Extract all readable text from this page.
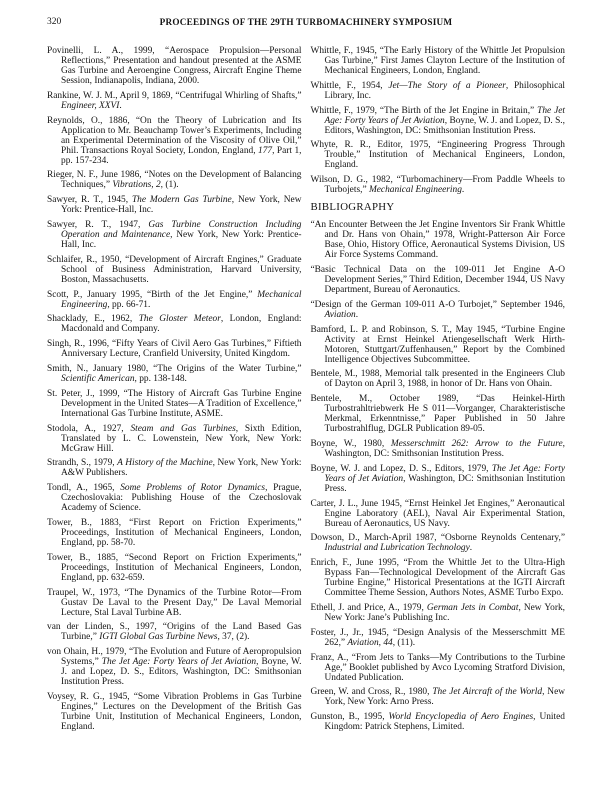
320	PROCEEDINGS OF THE 29TH TURBOMACHINERY SYMPOSIUM

Povinelli, L. A., 1999, “Aerospace Propulsion—Personal Reflections,” Presentation and handout presented at the ASME Gas Turbine and Aeroengine Congress, Aircraft Engine Theme Session, Indianapolis, Indiana, 2000.

Rankine, W. J. M., April 9, 1869, “Centrifugal Whirling of Shafts,” Engineer, XXVI.

Reynolds, O., 1886, “On the Theory of Lubrication and Its Application to Mr. Beauchamp Tower’s Experiments, Including an Experimental Determination of the Viscosity of Olive Oil,” Phil. Transactions Royal Society, London, England, 177, Part 1, pp. 157-234.

Rieger, N. F., June 1986, “Notes on the Development of Balancing Techniques,” Vibrations, 2, (1).

Sawyer, R. T., 1945, The Modern Gas Turbine, New York, New York: Prentice-Hall, Inc.

Sawyer, R. T., 1947, Gas Turbine Construction Including Operation and Maintenance, New York, New York: Prentice-Hall, Inc.

Schlaifer, R., 1950, “Development of Aircraft Engines,” Graduate School of Business Administration, Harvard University, Boston, Massachusetts.

Scott, P., January 1995, “Birth of the Jet Engine,” Mechanical Engineering, pp. 66-71.

Shacklady, E., 1962, The Gloster Meteor, London, England: Macdonald and Company.

Singh, R., 1996, “Fifty Years of Civil Aero Gas Turbines,” Fiftieth Anniversary Lecture, Cranfield University, United Kingdom.

Smith, N., January 1980, “The Origins of the Water Turbine,” Scientific American, pp. 138-148.

St. Peter, J., 1999, “The History of Aircraft Gas Turbine Engine Development in the United States—A Tradition of Excellence,” International Gas Turbine Institute, ASME.

Stodola, A., 1927, Steam and Gas Turbines, Sixth Edition, Translated by L. C. Lowenstein, New York, New York: McGraw Hill.

Strandh, S., 1979, A History of the Machine, New York, New York: A&W Publishers.

Tondl, A., 1965, Some Problems of Rotor Dynamics, Prague, Czechoslovakia: Publishing House of the Czechoslovak Academy of Science.

Tower, B., 1883, “First Report on Friction Experiments,” Proceedings, Institution of Mechanical Engineers, London, England, pp. 58-70.

Tower, B., 1885, “Second Report on Friction Experiments,” Proceedings, Institution of Mechanical Engineers, London, England, pp. 632-659.

Traupel, W., 1973, “The Dynamics of the Turbine Rotor—From Gustav De Laval to the Present Day,” De Laval Memorial Lecture, Stal Laval Turbine AB.

van der Linden, S., 1997, “Origins of the Land Based Gas Turbine,” IGTI Global Gas Turbine News, 37, (2).

von Ohain, H., 1979, “The Evolution and Future of Aeropropulsion Systems,” The Jet Age: Forty Years of Jet Aviation, Boyne, W. J. and Lopez, D. S., Editors, Washington, DC: Smithsonian Institution Press.

Voysey, R. G., 1945, “Some Vibration Problems in Gas Turbine Engines,” Lectures on the Development of the British Gas Turbine Unit, Institution of Mechanical Engineers, London, England.

Whittle, F., 1945, “The Early History of the Whittle Jet Propulsion Gas Turbine,” First James Clayton Lecture of the Institution of Mechanical Engineers, London, England.

Whittle, F., 1954, Jet—The Story of a Pioneer, Philosophical Library, Inc.

Whittle, F., 1979, “The Birth of the Jet Engine in Britain,” The Jet Age: Forty Years of Jet Aviation, Boyne, W. J. and Lopez, D. S., Editors, Washington, DC: Smithsonian Institution Press.

Whyte, R. R., Editor, 1975, “Engineering Progress Through Trouble,” Institution of Mechanical Engineers, London, England.

Wilson, D. G., 1982, “Turbomachinery—From Paddle Wheels to Turbojets,” Mechanical Engineering.

BIBLIOGRAPHY

“An Encounter Between the Jet Engine Inventors Sir Frank Whittle and Dr. Hans von Ohain,” 1978, Wright-Patterson Air Force Base, Ohio, History Office, Aeronautical Systems Division, US Air Force Systems Command.

“Basic Technical Data on the 109-011 Jet Engine A-O Development Series,” Third Edition, December 1944, US Navy Department, Bureau of Aeronautics.

“Design of the German 109-011 A-O Turbojet,” September 1946, Aviation.

Bamford, L. P. and Robinson, S. T., May 1945, “Turbine Engine Activity at Ernst Heinkel Atiengesellschaft Werk Hirth-Motoren, Stuttgart/Zuffenhausen,” Report by the Combined Intelligence Objectives Subcommittee.

Bentele, M., 1988, Memorial talk presented in the Engineers Club of Dayton on April 3, 1988, in honor of Dr. Hans von Ohain.

Bentele, M., October 1989, “Das Heinkel-Hirth Turbostrahltriebwerk He S 011—Vorganger, Charakteristische Merkmal, Erkenntnisse,” Paper Published in 50 Jahre Turbostrahlflug, DGLR Publication 89-05.

Boyne, W., 1980, Messerschmitt 262: Arrow to the Future, Washington, DC: Smithsonian Institution Press.

Boyne, W. J. and Lopez, D. S., Editors, 1979, The Jet Age: Forty Years of Jet Aviation, Washington, DC: Smithsonian Institution Press.

Carter, J. L., June 1945, “Ernst Heinkel Jet Engines,” Aeronautical Engine Laboratory (AEL), Naval Air Experimental Station, Bureau of Aeronautics, US Navy.

Dowson, D., March-April 1987, “Osborne Reynolds Centenary,” Industrial and Lubrication Technology.

Enrich, F., June 1995, “From the Whittle Jet to the Ultra-High Bypass Fan—Technological Development of the Aircraft Gas Turbine Engine,” Historical Presentations at the IGTI Aircraft Committee Theme Session, Authors Notes, ASME Turbo Expo.

Ethell, J. and Price, A., 1979, German Jets in Combat, New York, New York: Jane’s Publishing Inc.

Foster, J., Jr., 1945, “Design Analysis of the Messerschmitt ME 262,” Aviation, 44, (11).

Franz, A., “From Jets to Tanks—My Contributions to the Turbine Age,” Booklet published by Avco Lycoming Stratford Division, Undated Publication.

Green, W. and Cross, R., 1980, The Jet Aircraft of the World, New York, New York: Arno Press.

Gunston, B., 1995, World Encyclopedia of Aero Engines, United Kingdom: Patrick Stephens, Limited.
